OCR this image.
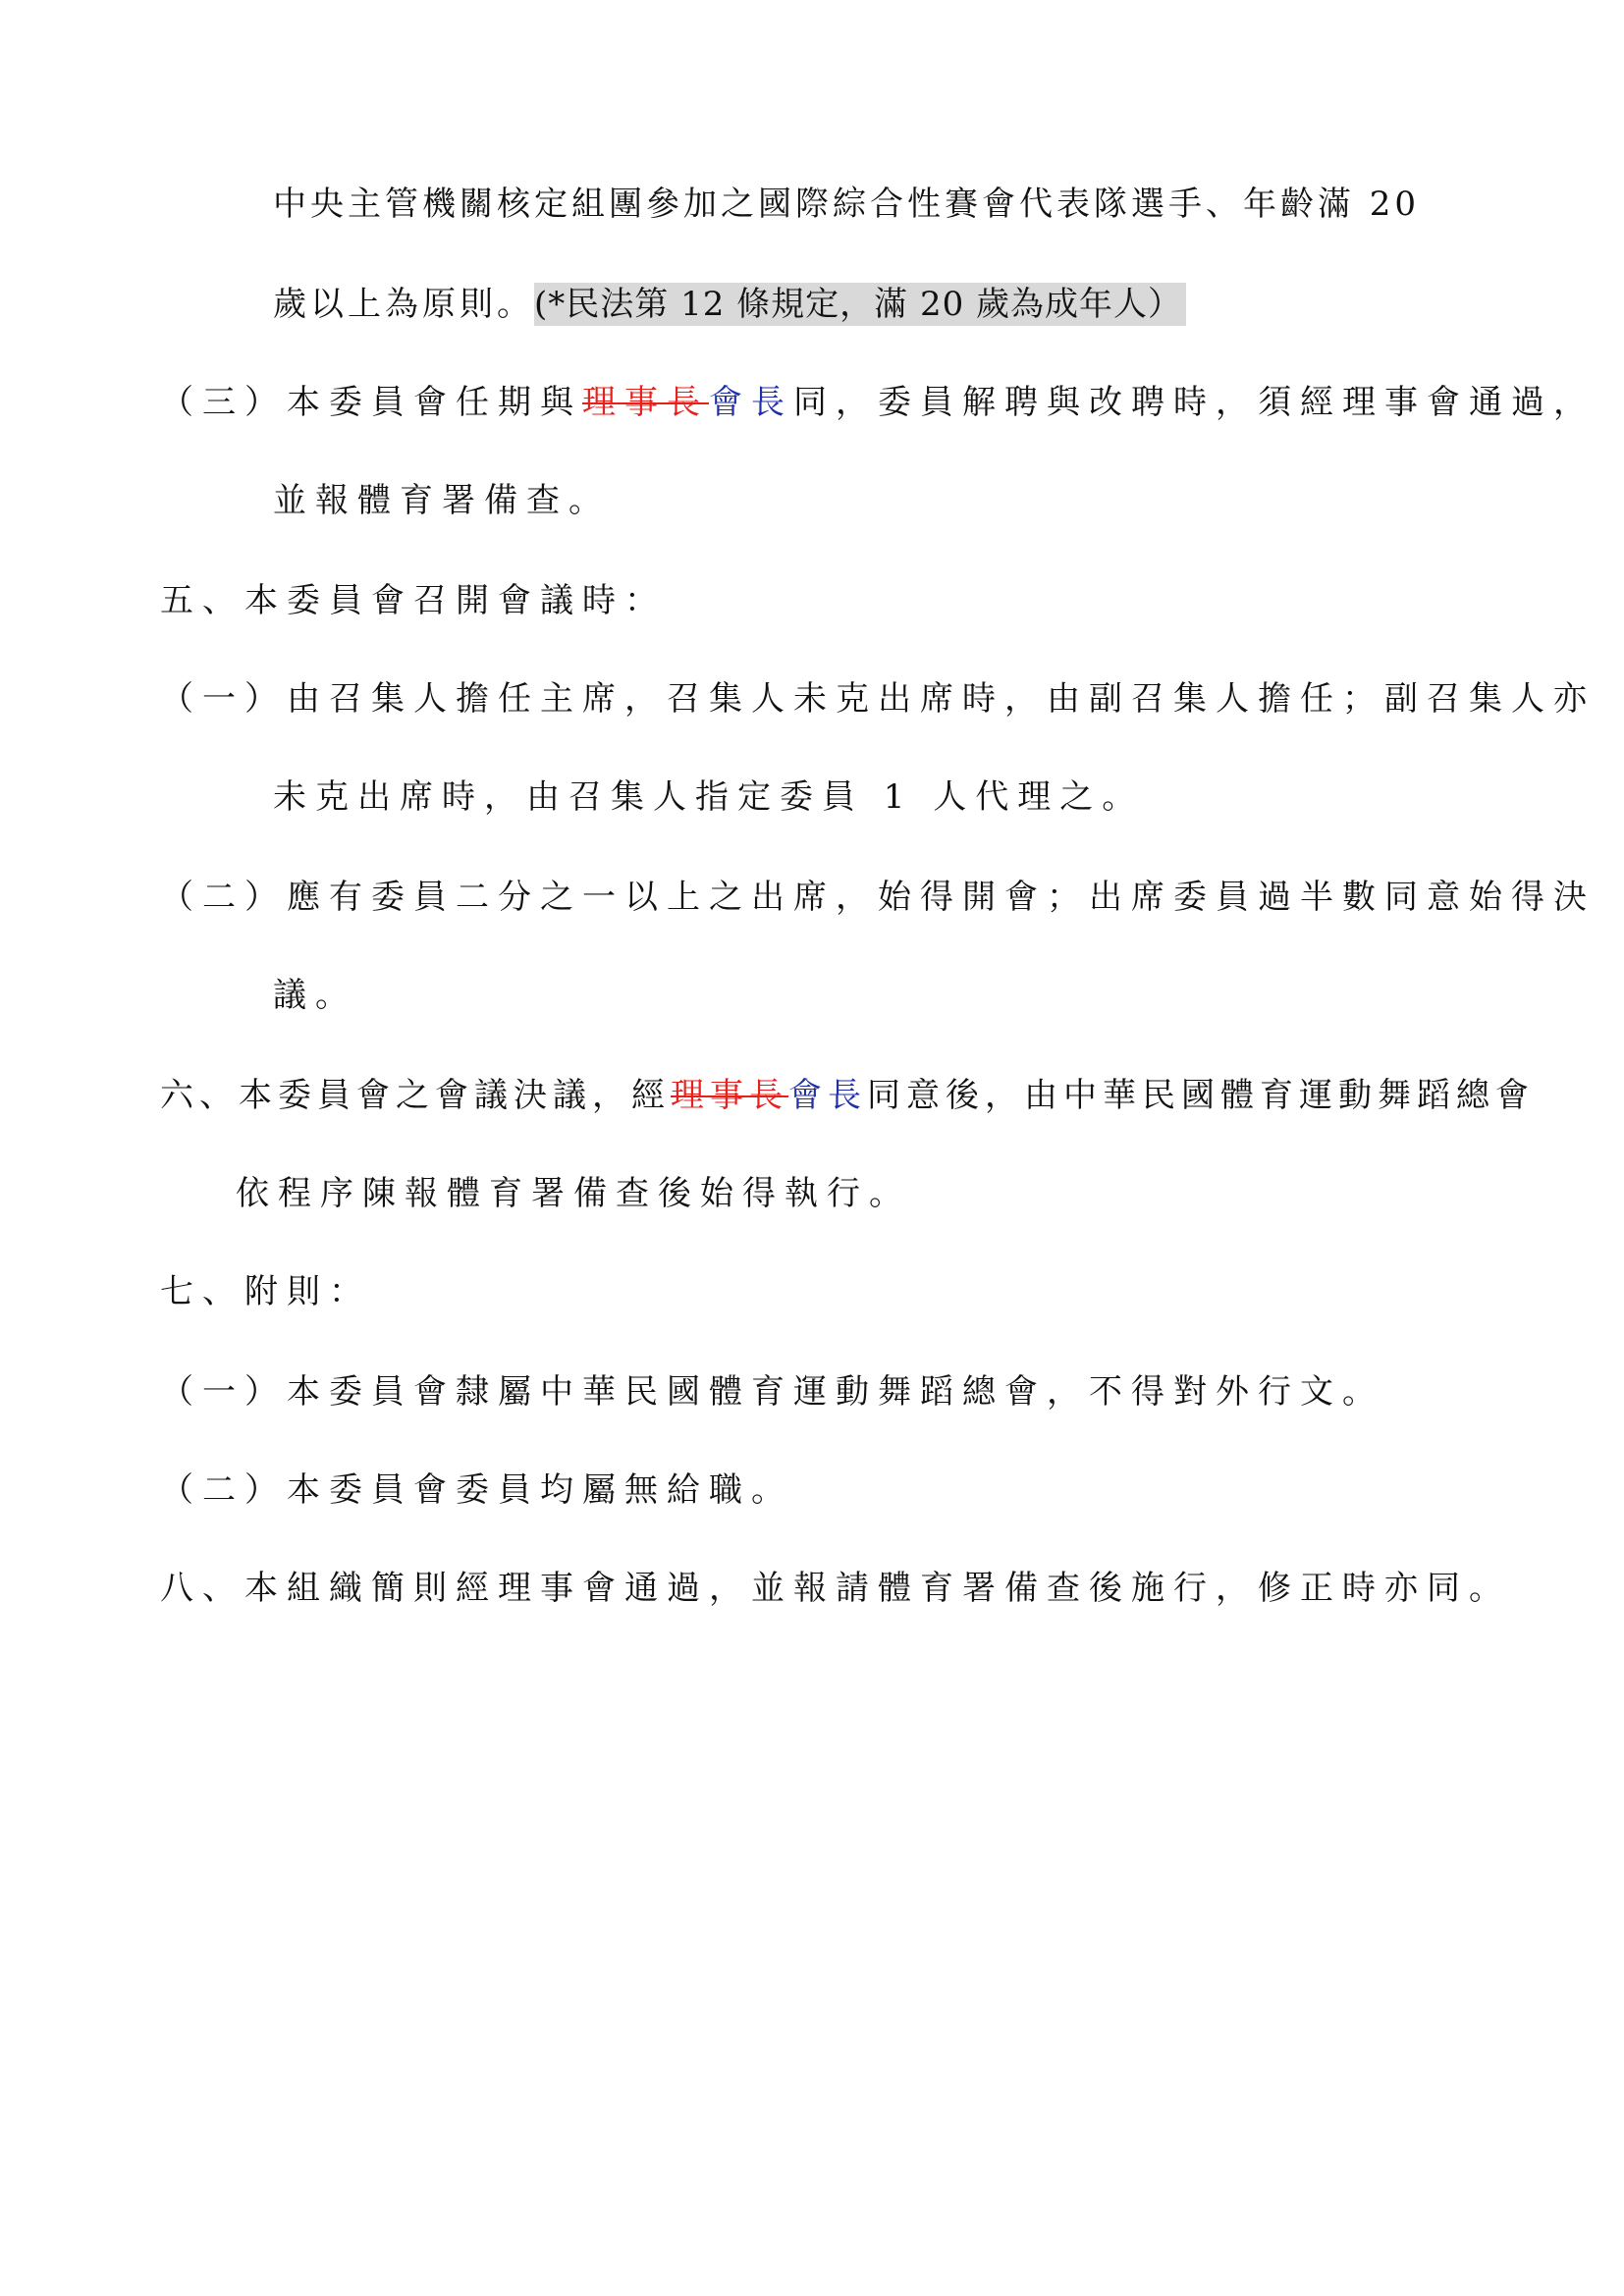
中央主管機關核定組團參加之國際綜合性賽會代表隊選手、年齡滿 20
歲以上為原則。(*民法第 12 條規定，滿 20 歲為成年人）
（三）本委員會任期與理事長會長同，委員解聘與改聘時，須經理事會通過，
並報體育署備查。
五、本委員會召開會議時：
（一）由召集人擔任主席，召集人未克出席時，由副召集人擔任；副召集人亦
未克出席時，由召集人指定委員 1 人代理之。
（二）應有委員二分之一以上之出席，始得開會；出席委員過半數同意始得決
議。
六、本委員會之會議決議，經理事長會長同意後，由中華民國體育運動舞蹈總會
依程序陳報體育署備查後始得執行。
七、附則：
（一）本委員會隸屬中華民國體育運動舞蹈總會，不得對外行文。
（二）本委員會委員均屬無給職。
八、本組織簡則經理事會通過，並報請體育署備查後施行，修正時亦同。
